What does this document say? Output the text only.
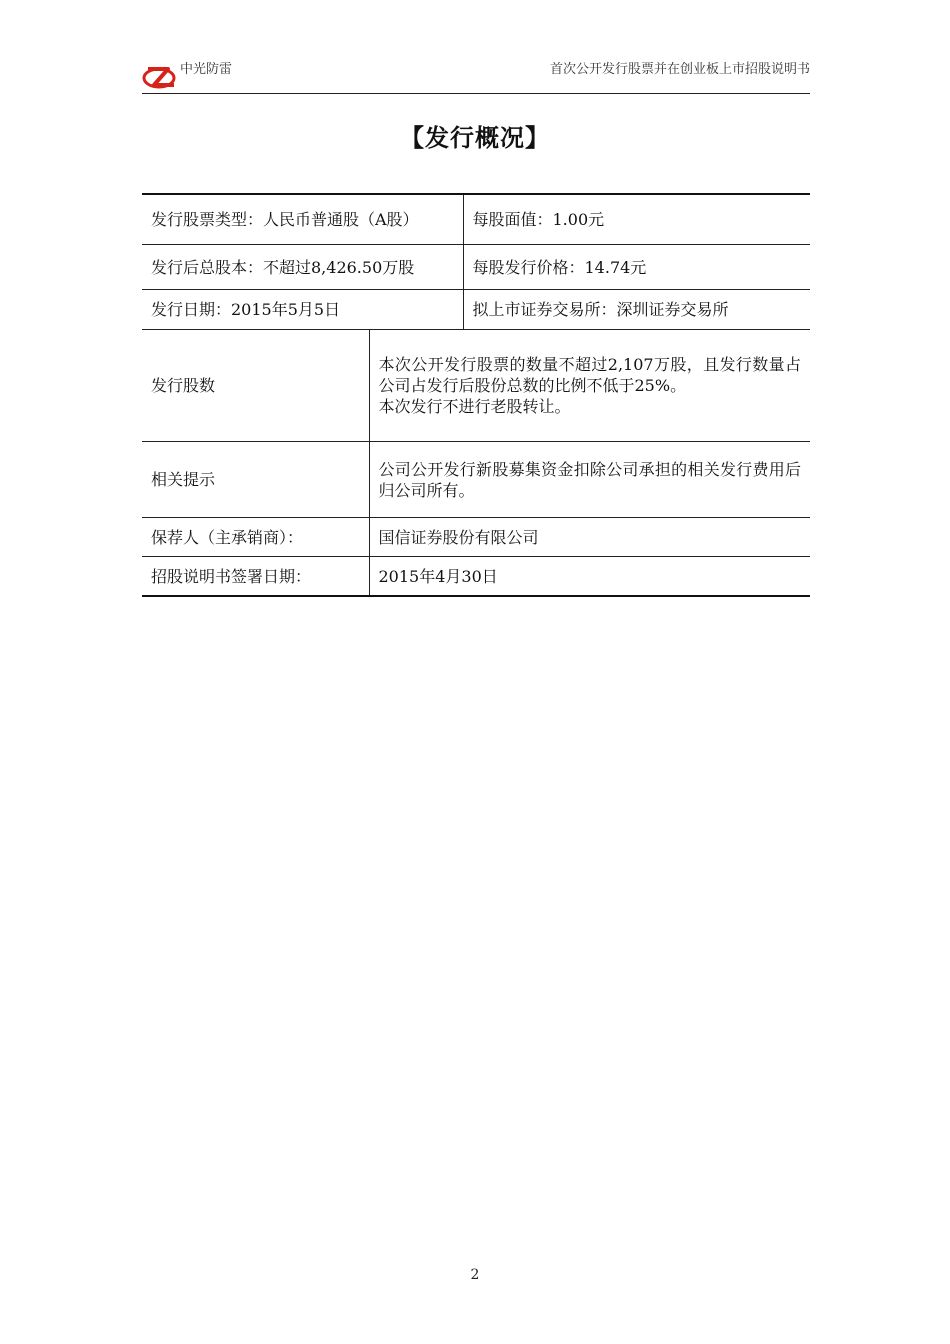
中光防雷	首次公开发行股票并在创业板上市招股说明书
【发行概况】
发行股票类型：人民币普通股（A股）		每股面值：1.00元
发行后总股本：不超过8,426.50万股		每股发行价格：14.74元
发行日期：2015年5月5日		拟上市证券交易所：深圳证券交易所
发行股数	本次公开发行股票的数量不超过2,107万股，且发行数量占公司占发行后股份总数的比例不低于25%。
本次发行不进行老股转让。	

相关提示	公司公开发行新股募集资金扣除公司承担的相关发行费用后归公司所有。	
保荐人（主承销商）：	国信证券股份有限公司	
招股说明书签署日期：	2015年4月30日	
2
